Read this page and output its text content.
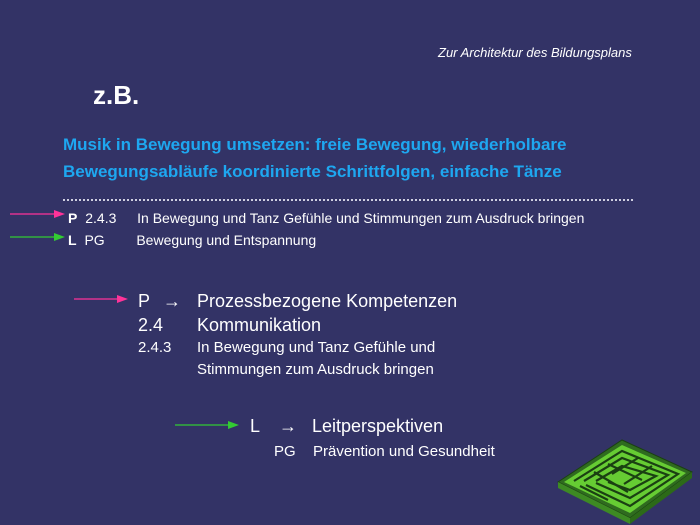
Zur Architektur des Bildungsplans
z.B.
Musik in Bewegung umsetzen: freie Bewegung, wiederholbare
Bewegungsabläufe koordinierte Schrittfolgen, einfache Tänze
P 2.4.3 In Bewegung und Tanz Gefühle und Stimmungen zum Ausdruck bringen
L PG Bewegung und Entspannung
P → Prozessbezogene Kompetenzen
2.4 Kommunikation
2.4.3 In Bewegung und Tanz Gefühle und
Stimmungen zum Ausdruck bringen
L → Leitperspektiven
PG Prävention und Gesundheit
